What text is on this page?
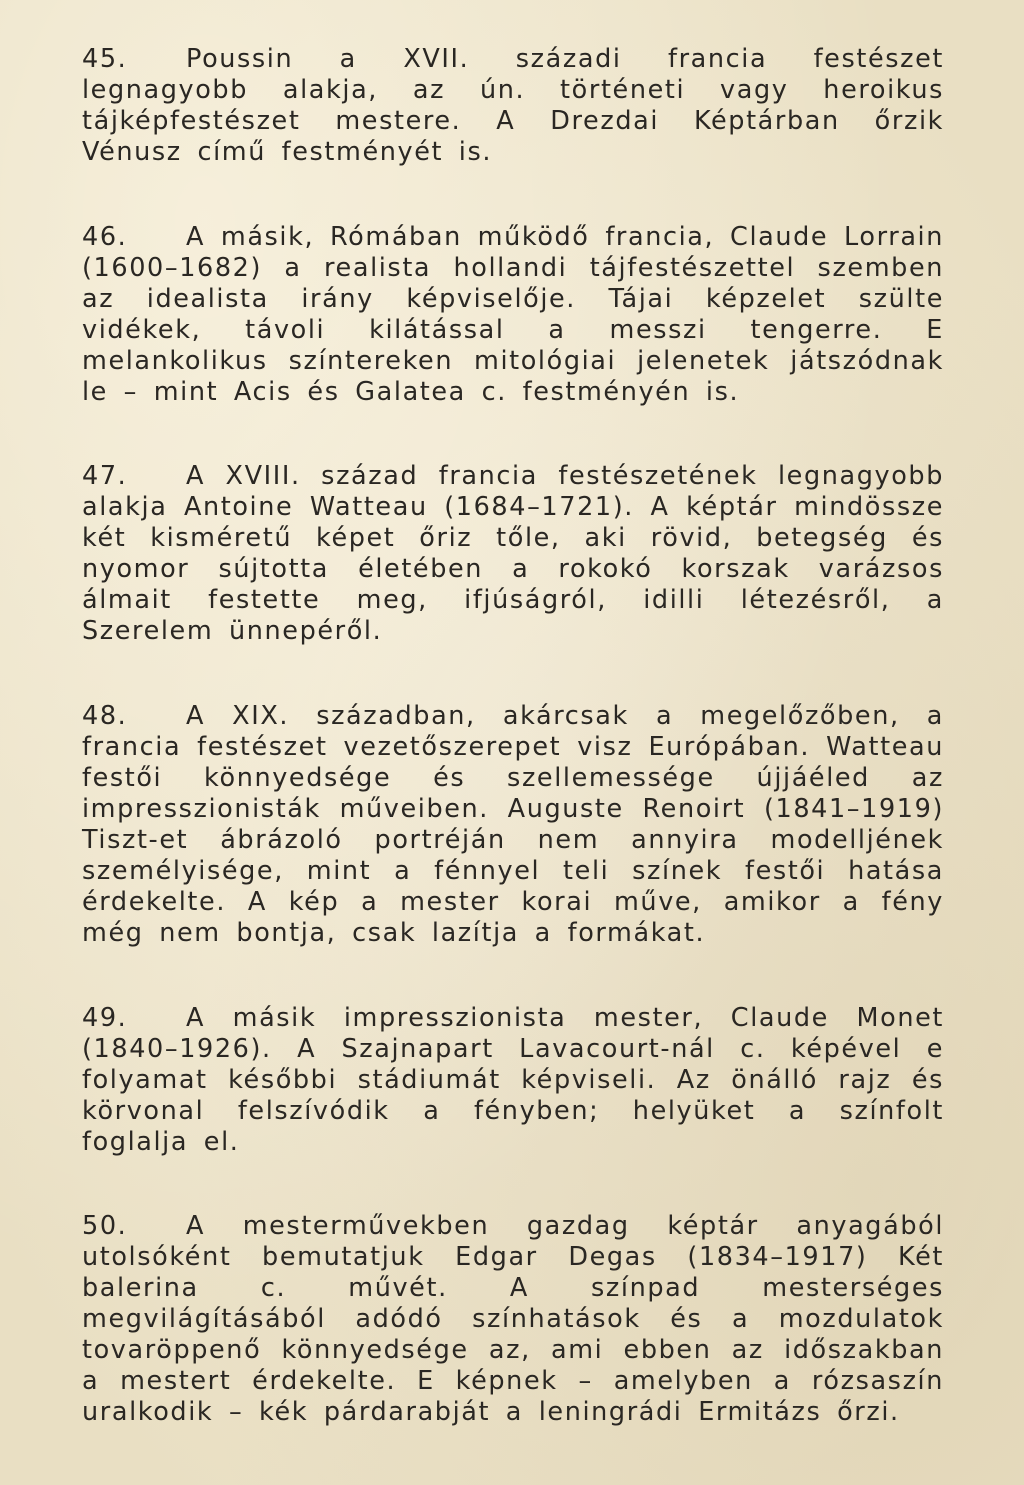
45. Poussin a XVII. századi francia festészet legnagyobb alakja, az ún. történeti vagy heroikus tájképfestészet mestere. A Drezdai Képtárban őrzik Vénusz című festményét is.

46. A másik, Rómában működő francia, Claude Lorrain (1600–1682) a realista hollandi tájfestészettel szemben az idealista irány képviselője. Tájai képzelet szülte vidékek, távoli kilátással a messzi tengerre. E melankolikus színtereken mitológiai jelenetek játszódnak le – mint Acis és Galatea c. festményén is.

47. A XVIII. század francia festészetének legnagyobb alakja Antoine Watteau (1684–1721). A képtár mindössze két kisméretű képet őriz tőle, aki rövid, betegség és nyomor sújtotta életében a rokokó korszak varázsos álmait festette meg, ifjúságról, idilli létezésről, a Szerelem ünnepéről.

48. A XIX. században, akárcsak a megelőzőben, a francia festészet vezetőszerepet visz Európában. Watteau festői könnyedsége és szellemessége újjáéled az impresszionisták műveiben. Auguste Renoirt (1841–1919) Tiszt-et ábrázoló portréján nem annyira modelljének személyisége, mint a fénnyel teli színek festői hatása érdekelte. A kép a mester korai műve, amikor a fény még nem bontja, csak lazítja a formákat.

49. A másik impresszionista mester, Claude Monet (1840–1926). A Szajnapart Lavacourt-nál c. képével e folyamat későbbi stádiumát képviseli. Az önálló rajz és körvonal felszívódik a fényben; helyüket a színfolt foglalja el.

50. A mesterművekben gazdag képtár anyagából utolsóként bemutatjuk Edgar Degas (1834–1917) Két balerina c. művét. A színpad mesterséges megvilágításából adódó színhatások és a mozdulatok tovaröppenő könnyedsége az, ami ebben az időszakban a mestert érdekelte. E képnek – amelyben a rózsaszín uralkodik – kék párdarabját a leningrádi Ermitázs őrzi.
